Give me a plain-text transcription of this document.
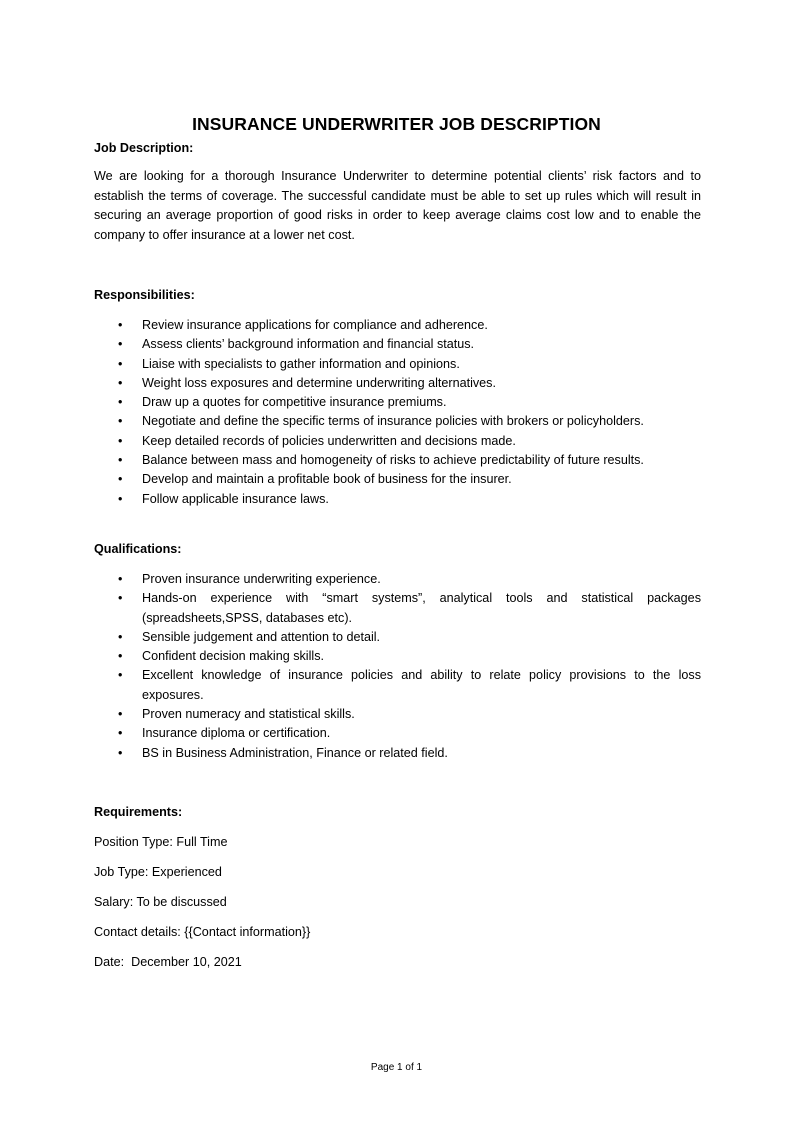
INSURANCE UNDERWRITER JOB DESCRIPTION
Job Description:

We are looking for a thorough Insurance Underwriter to determine potential clients’ risk factors and to establish the terms of coverage. The successful candidate must be able to set up rules which will result in securing an average proportion of good risks in order to keep average claims cost low and to enable the company to offer insurance at a lower net cost.

Responsibilities:
• Review insurance applications for compliance and adherence.
• Assess clients’ background information and financial status.
• Liaise with specialists to gather information and opinions.
• Weight loss exposures and determine underwriting alternatives.
• Draw up a quotes for competitive insurance premiums.
• Negotiate and define the specific terms of insurance policies with brokers or policyholders.
• Keep detailed records of policies underwritten and decisions made.
• Balance between mass and homogeneity of risks to achieve predictability of future results.
• Develop and maintain a profitable book of business for the insurer.
• Follow applicable insurance laws.
Qualifications:
• Proven insurance underwriting experience.
• Hands-on experience with “smart systems”, analytical tools and statistical packages (spreadsheets,SPSS, databases etc).
• Sensible judgement and attention to detail.
• Confident decision making skills.
• Excellent knowledge of insurance policies and ability to relate policy provisions to the loss exposures.
• Proven numeracy and statistical skills.
• Insurance diploma or certification.
• BS in Business Administration, Finance or related field.
Requirements:
Position Type: Full Time
Job Type: Experienced
Salary: To be discussed
Contact details: {{Contact information}}
Date:  December 10, 2021
Page 1 of 1
